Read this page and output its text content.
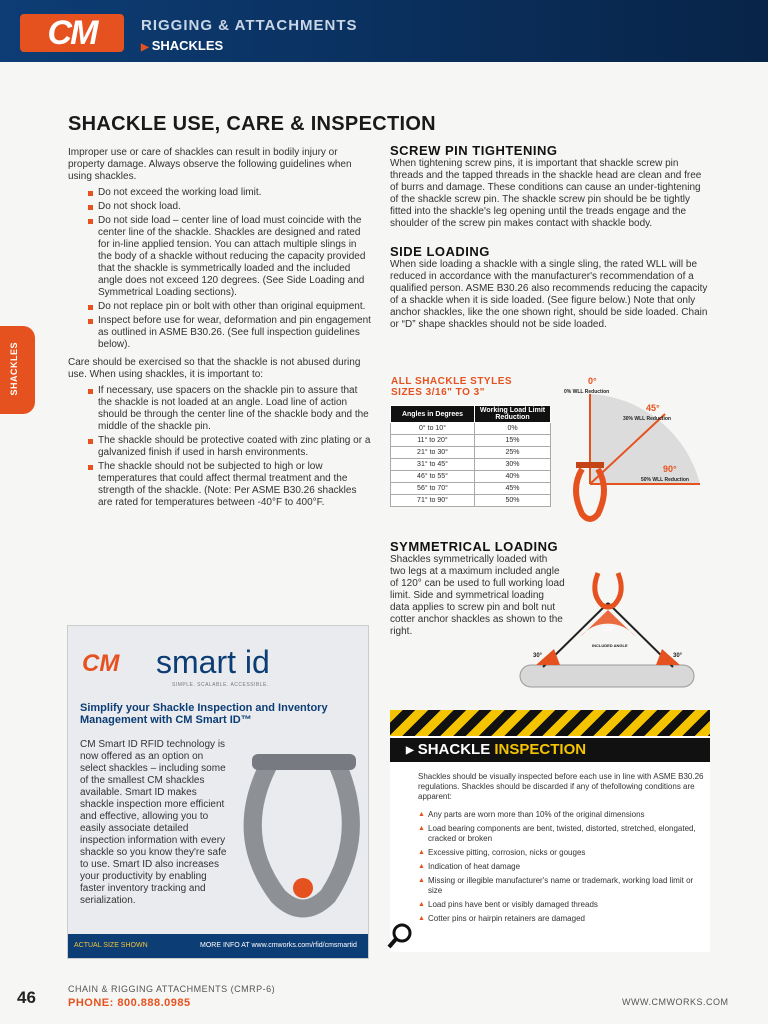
CM	RIGGING & ATTACHMENTS
▶ SHACKLES
SHACKLES
SHACKLE USE, CARE & INSPECTION

Improper use or care of shackles can result in bodily injury or property damage. Always observe the following guidelines when using shackles.

Do not exceed the working load limit.
Do not shock load.
Do not side load – center line of load must coincide with the center line of the shackle. Shackles are designed and rated for in-line applied tension. You can attach multiple slings in the body of a shackle without reducing the capacity provided that the shackle is symmetrically loaded and the included angle does not exceed 120 degrees. (See Side Loading and Symmetrical Loading sections).
Do not replace pin or bolt with other than original equipment.
Inspect before use for wear, deformation and pin engagement as outlined in ASME B30.26. (See full inspection guidelines below).

Care should be exercised so that the shackle is not abused during use. When using shackles, it is important to:

If necessary, use spacers on the shackle pin to assure that the shackle is not loaded at an angle. Load line of action should be through the center line of the shackle body and the middle of the shackle pin.
The shackle should be protective coated with zinc plating or a galvanized finish if used in harsh environments.
The shackle should not be subjected to high or low temperatures that could affect thermal treatment and the strength of the shackle. (Note: Per ASME B30.26 shackles are rated for temperatures between -40°F to 400°F.
SCREW PIN TIGHTENING

When tightening screw pins, it is important that shackle screw pin threads and the tapped threads in the shackle head are clean and free of burrs and damage. These conditions can cause an under-tightening of the shackle screw pin. The shackle screw pin should be be tightly fitted into the shackle's leg opening until the treads engage and the shoulder of the screw pin makes contact with shackle body.

SIDE LOADING

When side loading a shackle with a single sling, the rated WLL will be reduced in accordance with the manufacturer's recommendation of a qualified person. ASME B30.26 also recommends reducing the capacity of a shackle when it is side loaded. (See figure below.) Note that only anchor shackles, like the one shown right, should be side loaded. Chain or “D” shape shackles should not be side loaded.

ALL SHACKLE STYLES
SIZES 3/16" TO 3"
Angles in Degrees	Working Load Limit Reduction
0° to 10°	0%
11° to 20°	15%
21° to 30°	25%
31° to 45°	30%
46° to 55°	40%
56° to 70°	45%
71° to 90°	50%
0°
0% WLL Reduction
45°
30% WLL Reduction
90°
50% WLL Reduction
SYMMETRICAL LOADING

Shackles symmetrically loaded with two legs at a maximum included angle of 120° can be used to full working load limit. Side and symmetrical loading data applies to screw pin and bolt nut cotter anchor shackles as shown to the right.	120°
30°	30°
INCLUDED ANGLE
CM smart id
SIMPLE. SCALABLE. ACCESSIBLE.
Simplify your Shackle Inspection and Inventory Management with CM Smart ID™
CM Smart ID RFID technology is now offered as an option on select shackles – including some of the smallest CM shackles available. Smart ID makes shackle inspection more efficient and effective, allowing you to easily associate detailed inspection information with every shackle so you know they're safe to use. Smart ID also increases your productivity by enabling faster inventory tracking and serialization.
ACTUAL SIZE SHOWN	MORE INFO AT www.cmworks.com/rfid/cmsmartid
▶ SHACKLE INSPECTION
Shackles should be visually inspected before each use in line with ASME B30.26 regulations. Shackles should be discarded if any of thefollowing conditions are apparent:
▲ Any parts are worn more than 10% of the original dimensions
▲ Load bearing components are bent, twisted, distorted, stretched, elongated, cracked or broken
▲ Excessive pitting, corrosion, nicks or gouges
▲ Indication of heat damage
▲ Missing or illegible manufacturer's name or trademark, working load limit or size
▲ Load pins have bent or visibly damaged threads
▲ Cotter pins or hairpin retainers are damaged
46	CHAIN & RIGGING ATTACHMENTS (CMRP-6)
PHONE: 800.888.0985	WWW.CMWORKS.COM
